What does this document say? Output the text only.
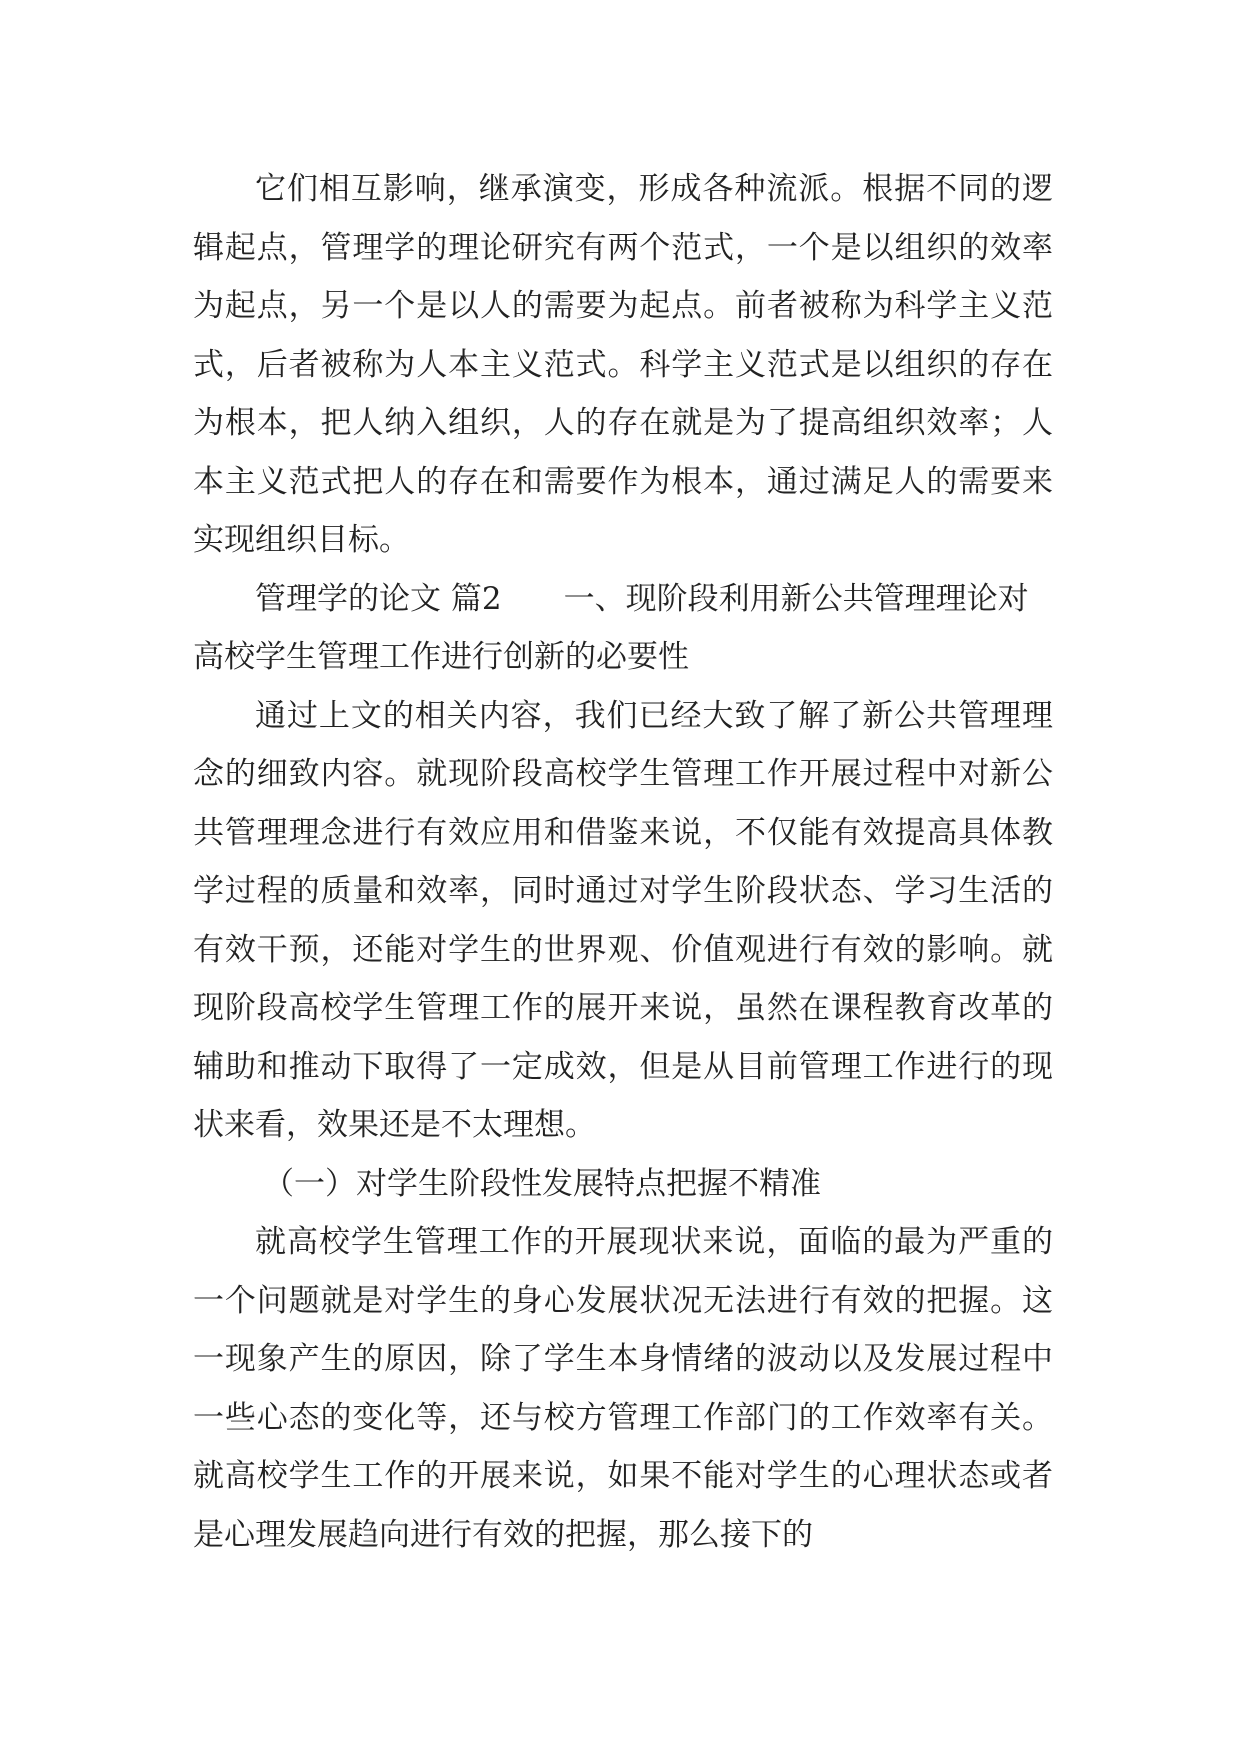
它们相互影响，继承演变，形成各种流派。根据不同的逻辑起点，管理学的理论研究有两个范式，一个是以组织的效率为起点，另一个是以人的需要为起点。前者被称为科学主义范式，后者被称为人本主义范式。科学主义范式是以组织的存在为根本，把人纳入组织，人的存在就是为了提高组织效率；人本主义范式把人的存在和需要作为根本，通过满足人的需要来实现组织目标。

管理学的论文 篇2 一、现阶段利用新公共管理理论对高校学生管理工作进行创新的必要性

通过上文的相关内容，我们已经大致了解了新公共管理理念的细致内容。就现阶段高校学生管理工作开展过程中对新公共管理理念进行有效应用和借鉴来说，不仅能有效提高具体教学过程的质量和效率，同时通过对学生阶段状态、学习生活的有效干预，还能对学生的世界观、价值观进行有效的影响。就现阶段高校学生管理工作的展开来说，虽然在课程教育改革的辅助和推动下取得了一定成效，但是从目前管理工作进行的现状来看，效果还是不太理想。

（一）对学生阶段性发展特点把握不精准

就高校学生管理工作的开展现状来说，面临的最为严重的一个问题就是对学生的身心发展状况无法进行有效的把握。这一现象产生的原因，除了学生本身情绪的波动以及发展过程中一些心态的变化等，还与校方管理工作部门的工作效率有关。就高校学生工作的开展来说，如果不能对学生的心理状态或者是心理发展趋向进行有效的把握，那么接下的
